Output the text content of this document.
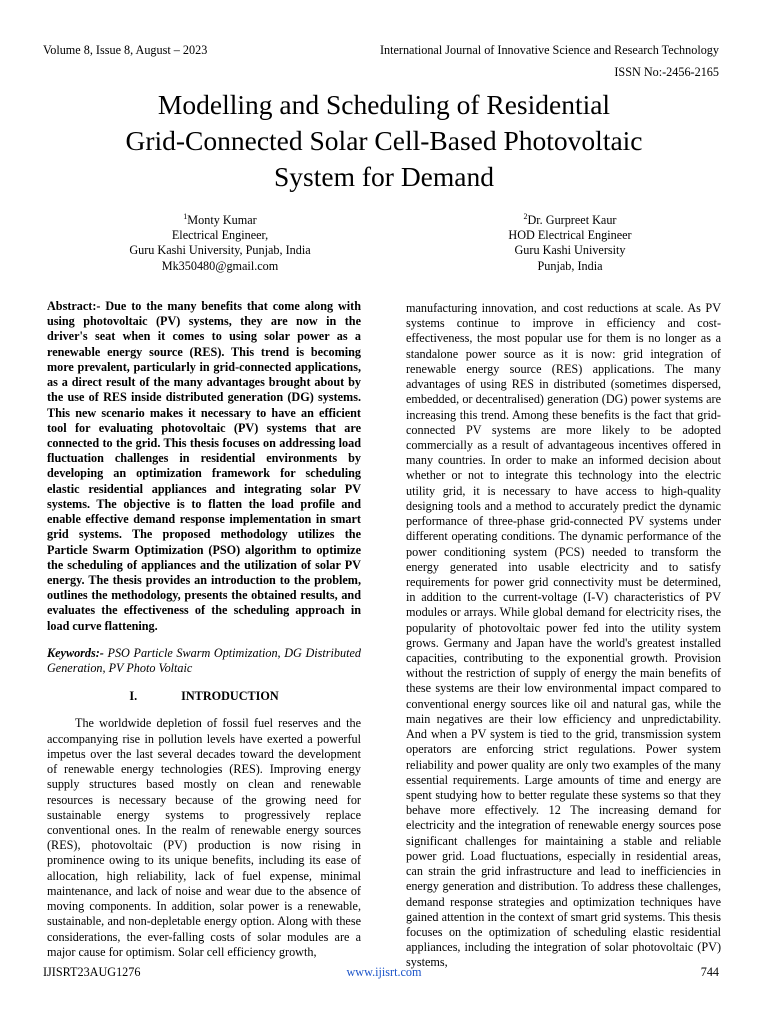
Volume 8, Issue 8, August – 2023	International Journal of Innovative Science and Research Technology
ISSN No:-2456-2165
Modelling and Scheduling of Residential
Grid-Connected Solar Cell-Based Photovoltaic
System for Demand
$^1$Monty Kumar
Electrical Engineer,
Guru Kashi University, Punjab, India
Mk350480@gmail.com
$^2$Dr. Gurpreet Kaur
HOD Electrical Engineer
Guru Kashi University
Punjab, India

Abstract:- Due to the many benefits that come along with using photovoltaic (PV) systems, they are now in the driver's seat when it comes to using solar power as a renewable energy source (RES). This trend is becoming more prevalent, particularly in grid-connected applications, as a direct result of the many advantages brought about by the use of RES inside distributed generation (DG) systems. This new scenario makes it necessary to have an efficient tool for evaluating photovoltaic (PV) systems that are connected to the grid. This thesis focuses on addressing load fluctuation challenges in residential environments by developing an optimization framework for scheduling elastic residential appliances and integrating solar PV systems. The objective is to flatten the load profile and enable effective demand response implementation in smart grid systems. The proposed methodology utilizes the Particle Swarm Optimization (PSO) algorithm to optimize the scheduling of appliances and the utilization of solar PV energy. The thesis provides an introduction to the problem, outlines the methodology, presents the obtained results, and evaluates the effectiveness of the scheduling approach in load curve flattening.

Keywords:- PSO Particle Swarm Optimization, DG Distributed Generation, PV Photo Voltaic

I.	INTRODUCTION

The worldwide depletion of fossil fuel reserves and the accompanying rise in pollution levels have exerted a powerful impetus over the last several decades toward the development of renewable energy technologies (RES). Improving energy supply structures based mostly on clean and renewable resources is necessary because of the growing need for sustainable energy systems to progressively replace conventional ones. In the realm of renewable energy sources (RES), photovoltaic (PV) production is now rising in prominence owing to its unique benefits, including its ease of allocation, high reliability, lack of fuel expense, minimal maintenance, and lack of noise and wear due to the absence of moving components. In addition, solar power is a renewable, sustainable, and non-depletable energy option. Along with these considerations, the ever-falling costs of solar modules are a major cause for optimism. Solar cell efficiency growth,

manufacturing innovation, and cost reductions at scale. As PV systems continue to improve in efficiency and cost-effectiveness, the most popular use for them is no longer as a standalone power source as it is now: grid integration of renewable energy source (RES) applications. The many advantages of using RES in distributed (sometimes dispersed, embedded, or decentralised) generation (DG) power systems are increasing this trend. Among these benefits is the fact that grid-connected PV systems are more likely to be adopted commercially as a result of advantageous incentives offered in many countries. In order to make an informed decision about whether or not to integrate this technology into the electric utility grid, it is necessary to have access to high-quality designing tools and a method to accurately predict the dynamic performance of three-phase grid-connected PV systems under different operating conditions. The dynamic performance of the power conditioning system (PCS) needed to transform the energy generated into usable electricity and to satisfy requirements for power grid connectivity must be determined, in addition to the current-voltage (I-V) characteristics of PV modules or arrays. While global demand for electricity rises, the popularity of photovoltaic power fed into the utility system grows. Germany and Japan have the world's greatest installed capacities, contributing to the exponential growth. Provision without the restriction of supply of energy the main benefits of these systems are their low environmental impact compared to conventional energy sources like oil and natural gas, while the main negatives are their low efficiency and unpredictability. And when a PV system is tied to the grid, transmission system operators are enforcing strict regulations. Power system reliability and power quality are only two examples of the many essential requirements. Large amounts of time and energy are spent studying how to better regulate these systems so that they behave more effectively. 12 The increasing demand for electricity and the integration of renewable energy sources pose significant challenges for maintaining a stable and reliable power grid. Load fluctuations, especially in residential areas, can strain the grid infrastructure and lead to inefficiencies in energy generation and distribution. To address these challenges, demand response strategies and optimization techniques have gained attention in the context of smart grid systems. This thesis focuses on the optimization of scheduling elastic residential appliances, including the integration of solar photovoltaic (PV) systems,

IJISRT23AUG1276	www.ijisrt.com	744
